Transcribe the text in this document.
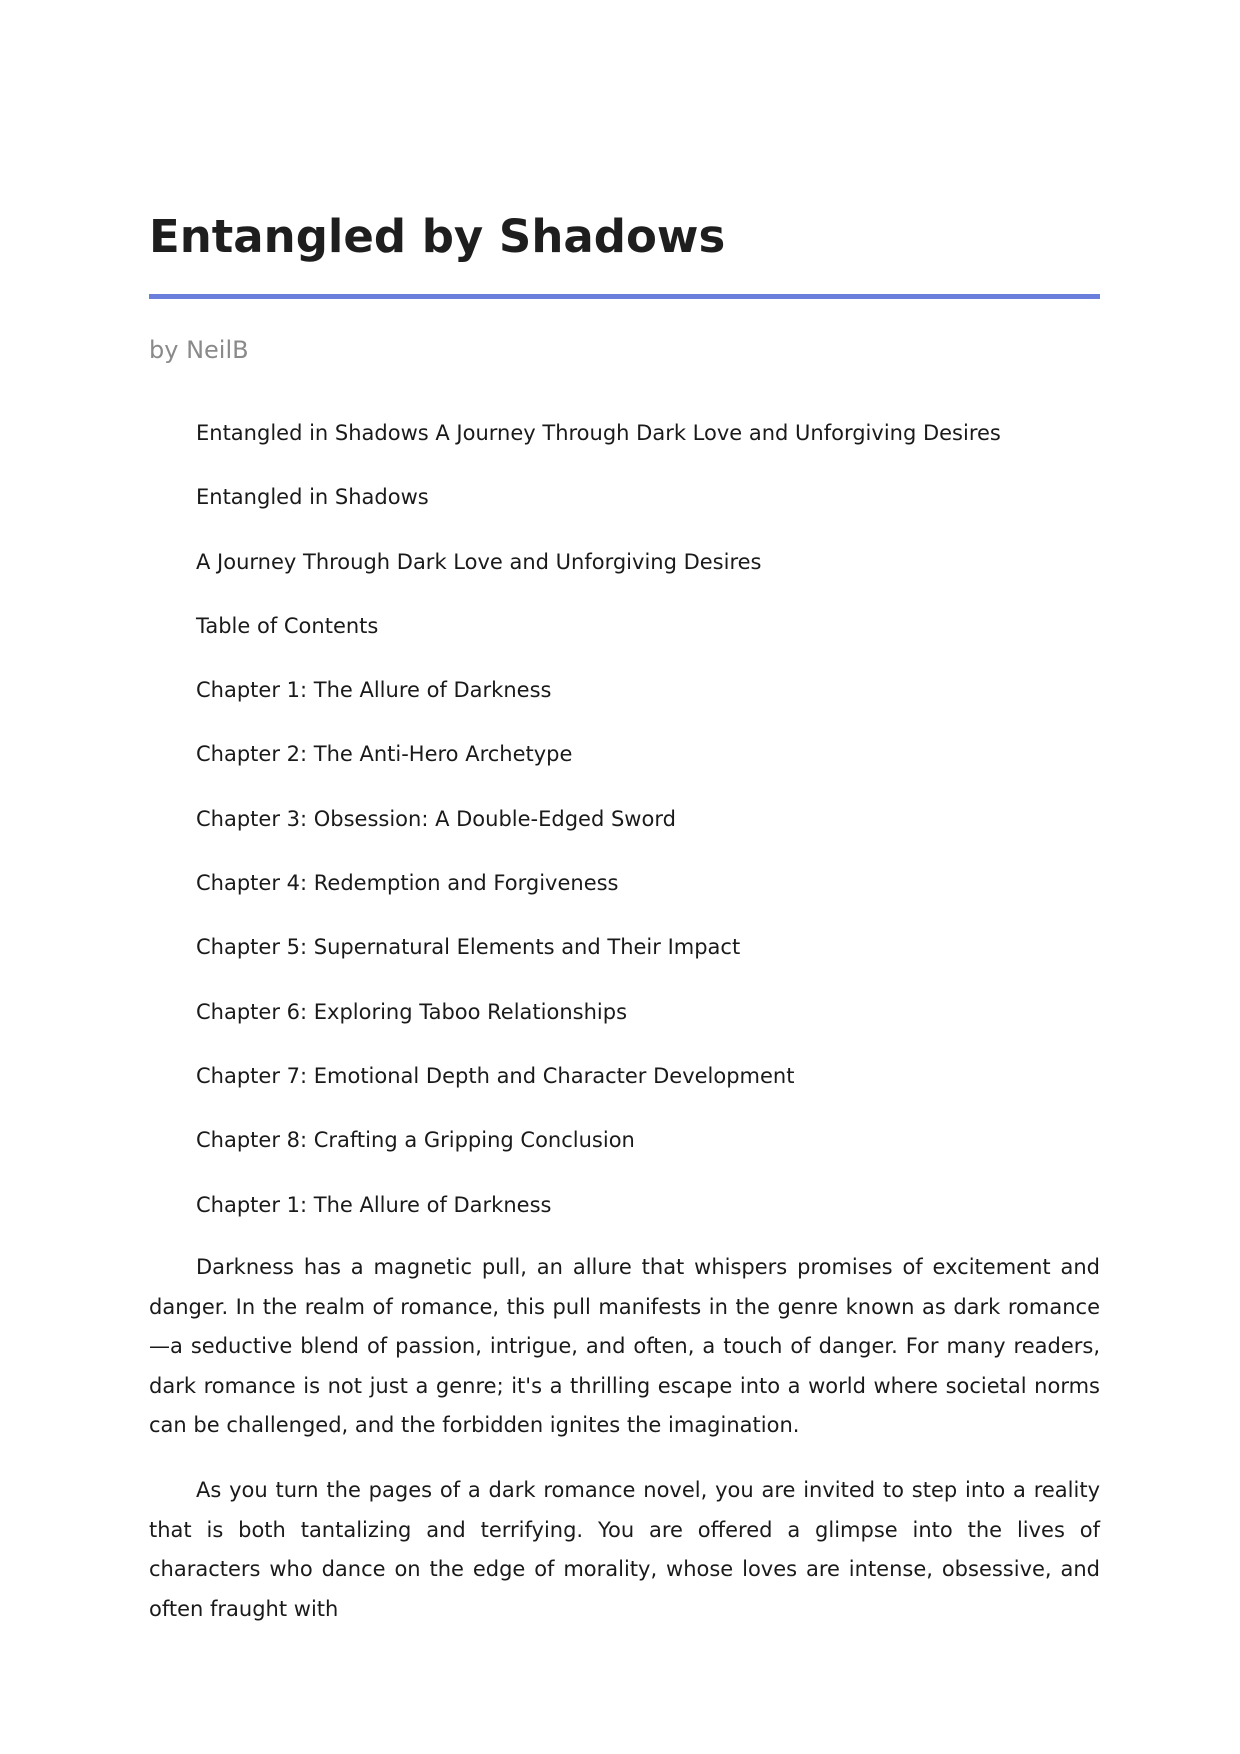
Entangled by Shadows
by NeilB
Entangled in Shadows A Journey Through Dark Love and Unforgiving Desires
Entangled in Shadows
A Journey Through Dark Love and Unforgiving Desires
Table of Contents
Chapter 1: The Allure of Darkness
Chapter 2: The Anti-Hero Archetype
Chapter 3: Obsession: A Double-Edged Sword
Chapter 4: Redemption and Forgiveness
Chapter 5: Supernatural Elements and Their Impact
Chapter 6: Exploring Taboo Relationships
Chapter 7: Emotional Depth and Character Development
Chapter 8: Crafting a Gripping Conclusion
Chapter 1: The Allure of Darkness

Darkness has a magnetic pull, an allure that whispers promises of excitement and danger. In the realm of romance, this pull manifests in the genre known as dark romance—a seductive blend of passion, intrigue, and often, a touch of danger. For many readers, dark romance is not just a genre; it's a thrilling escape into a world where societal norms can be challenged, and the forbidden ignites the imagination.

As you turn the pages of a dark romance novel, you are invited to step into a reality that is both tantalizing and terrifying. You are offered a glimpse into the lives of characters who dance on the edge of morality, whose loves are intense, obsessive, and often fraught with
